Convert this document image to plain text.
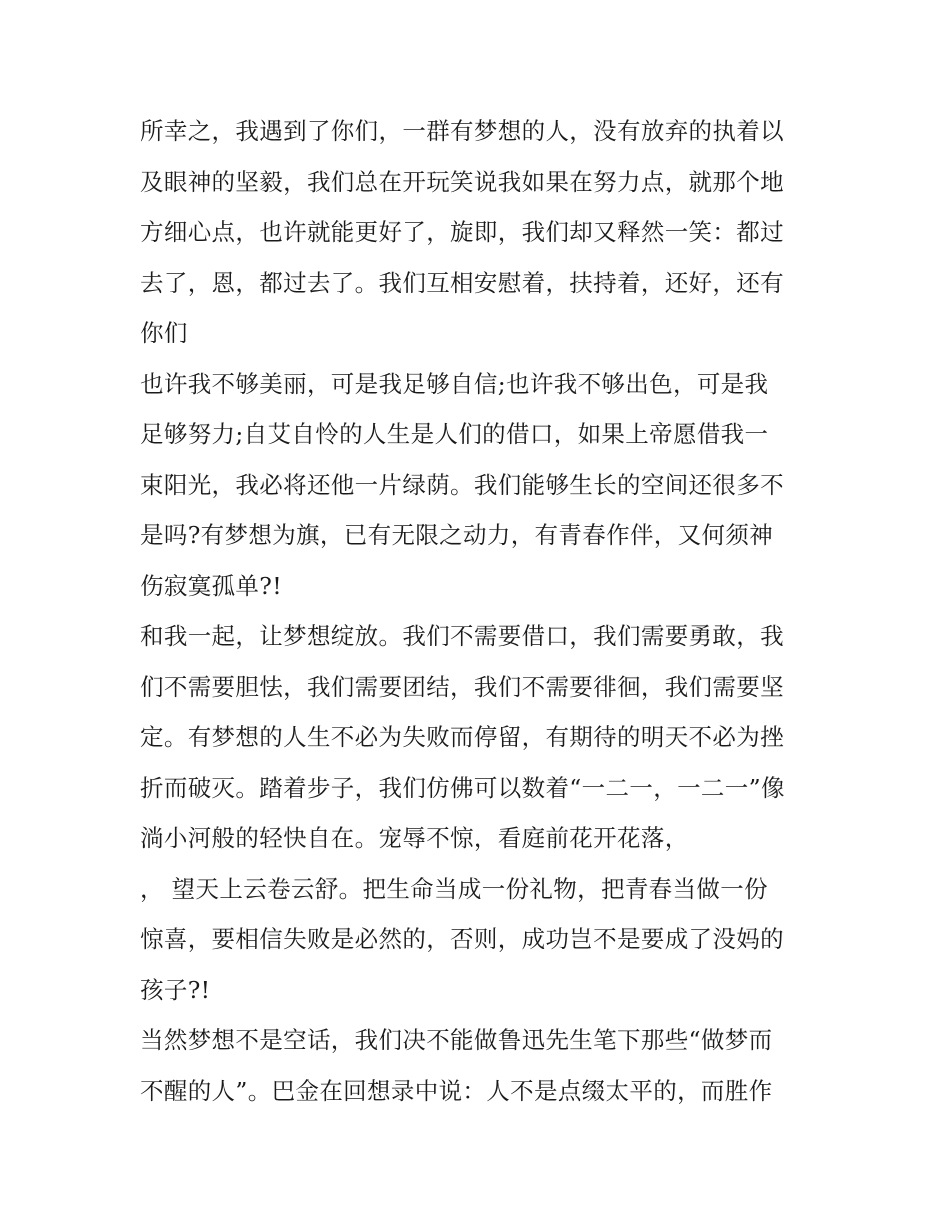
所幸之，我遇到了你们，一群有梦想的人，没有放弃的执着以
及眼神的坚毅，我们总在开玩笑说我如果在努力点，就那个地
方细心点，也许就能更好了，旋即，我们却又释然一笑：都过
去了，恩，都过去了。我们互相安慰着，扶持着，还好，还有
你们
也许我不够美丽，可是我足够自信;也许我不够出色，可是我
足够努力;自艾自怜的人生是人们的借口，如果上帝愿借我一
束阳光，我必将还他一片绿荫。我们能够生长的空间还很多不
是吗?有梦想为旗，已有无限之动力，有青春作伴，又何须神
伤寂寞孤单?!
和我一起，让梦想绽放。我们不需要借口，我们需要勇敢，我
们不需要胆怯，我们需要团结，我们不需要徘徊，我们需要坚
定。有梦想的人生不必为失败而停留，有期待的明天不必为挫
折而破灭。踏着步子，我们仿佛可以数着“一二一，一二一”像
淌小河般的轻快自在。宠辱不惊，看庭前花开花落，
， 望天上云卷云舒。把生命当成一份礼物，把青春当做一份
惊喜，要相信失败是必然的，否则，成功岂不是要成了没妈的
孩子?!
当然梦想不是空话，我们决不能做鲁迅先生笔下那些“做梦而
不醒的人”。巴金在回想录中说：人不是点缀太平的，而胜作
